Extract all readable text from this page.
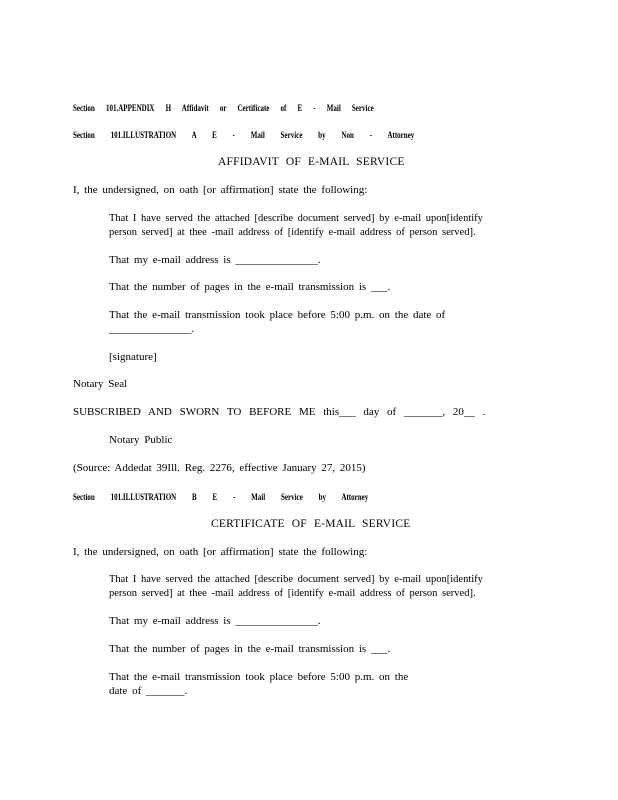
Section 101.APPENDIX H Affidavit or Certificate of E - Mail Service
Section 101.ILLUSTRATION A E - Mail Service by Non - Attorney
AFFIDAVIT OF E-MAIL SERVICE
I, the undersigned, on oath [or affirmation] state the following:
That I have served the attached [describe document served] by e-mail upon[identify
person served] at thee -mail address of [identify e-mail address of person served].
That my e-mail address is _______________.
That the number of pages in the e-mail transmission is ___.
That the e-mail transmission took place before 5:00 p.m. on the date of
_______________.
[signature]
Notary Seal
SUBSCRIBED AND SWORN TO BEFORE ME this___ day of _______, 20__ .
Notary Public
(Source: Addedat 39Ill. Reg. 2276, effective January 27, 2015)
Section 101.ILLUSTRATION B E - Mail Service by Attorney
CERTIFICATE OF E-MAIL SERVICE
I, the undersigned, on oath [or affirmation] state the following:
That I have served the attached [describe document served] by e-mail upon[identify
person served] at thee -mail address of [identify e-mail address of person served].
That my e-mail address is _______________.
That the number of pages in the e-mail transmission is ___.
That the e-mail transmission took place before 5:00 p.m. on the
date of _______.
